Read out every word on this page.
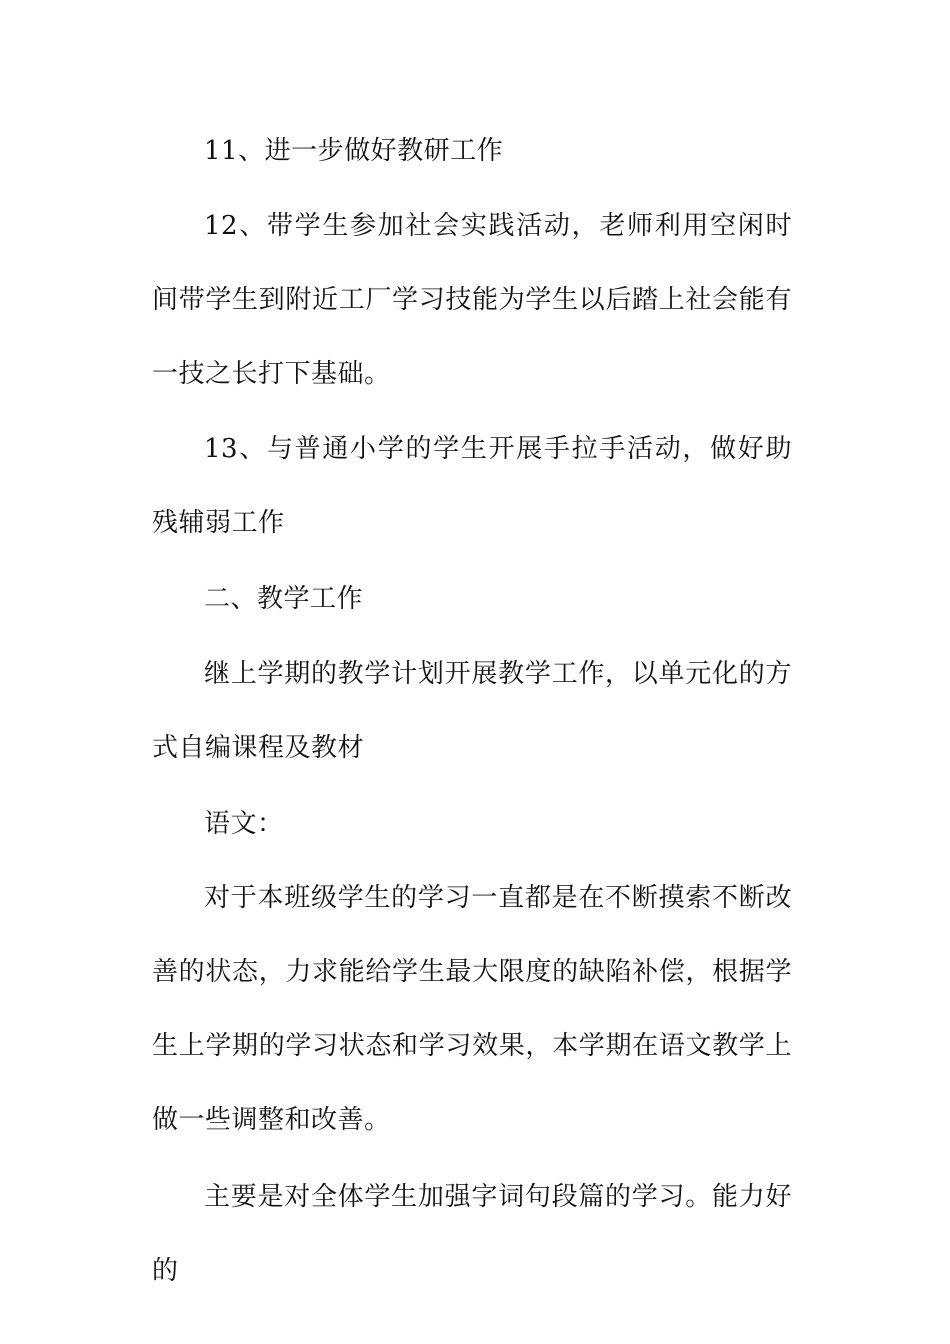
11、进一步做好教研工作

12、带学生参加社会实践活动，老师利用空闲时间带学生到附近工厂学习技能为学生以后踏上社会能有一技之长打下基础。

13、与普通小学的学生开展手拉手活动，做好助残辅弱工作

二、教学工作

继上学期的教学计划开展教学工作，以单元化的方式自编课程及教材

语文：

对于本班级学生的学习一直都是在不断摸索不断改善的状态，力求能给学生最大限度的缺陷补偿，根据学生上学期的学习状态和学习效果，本学期在语文教学上做一些调整和改善。

主要是对全体学生加强字词句段篇的学习。能力好的
